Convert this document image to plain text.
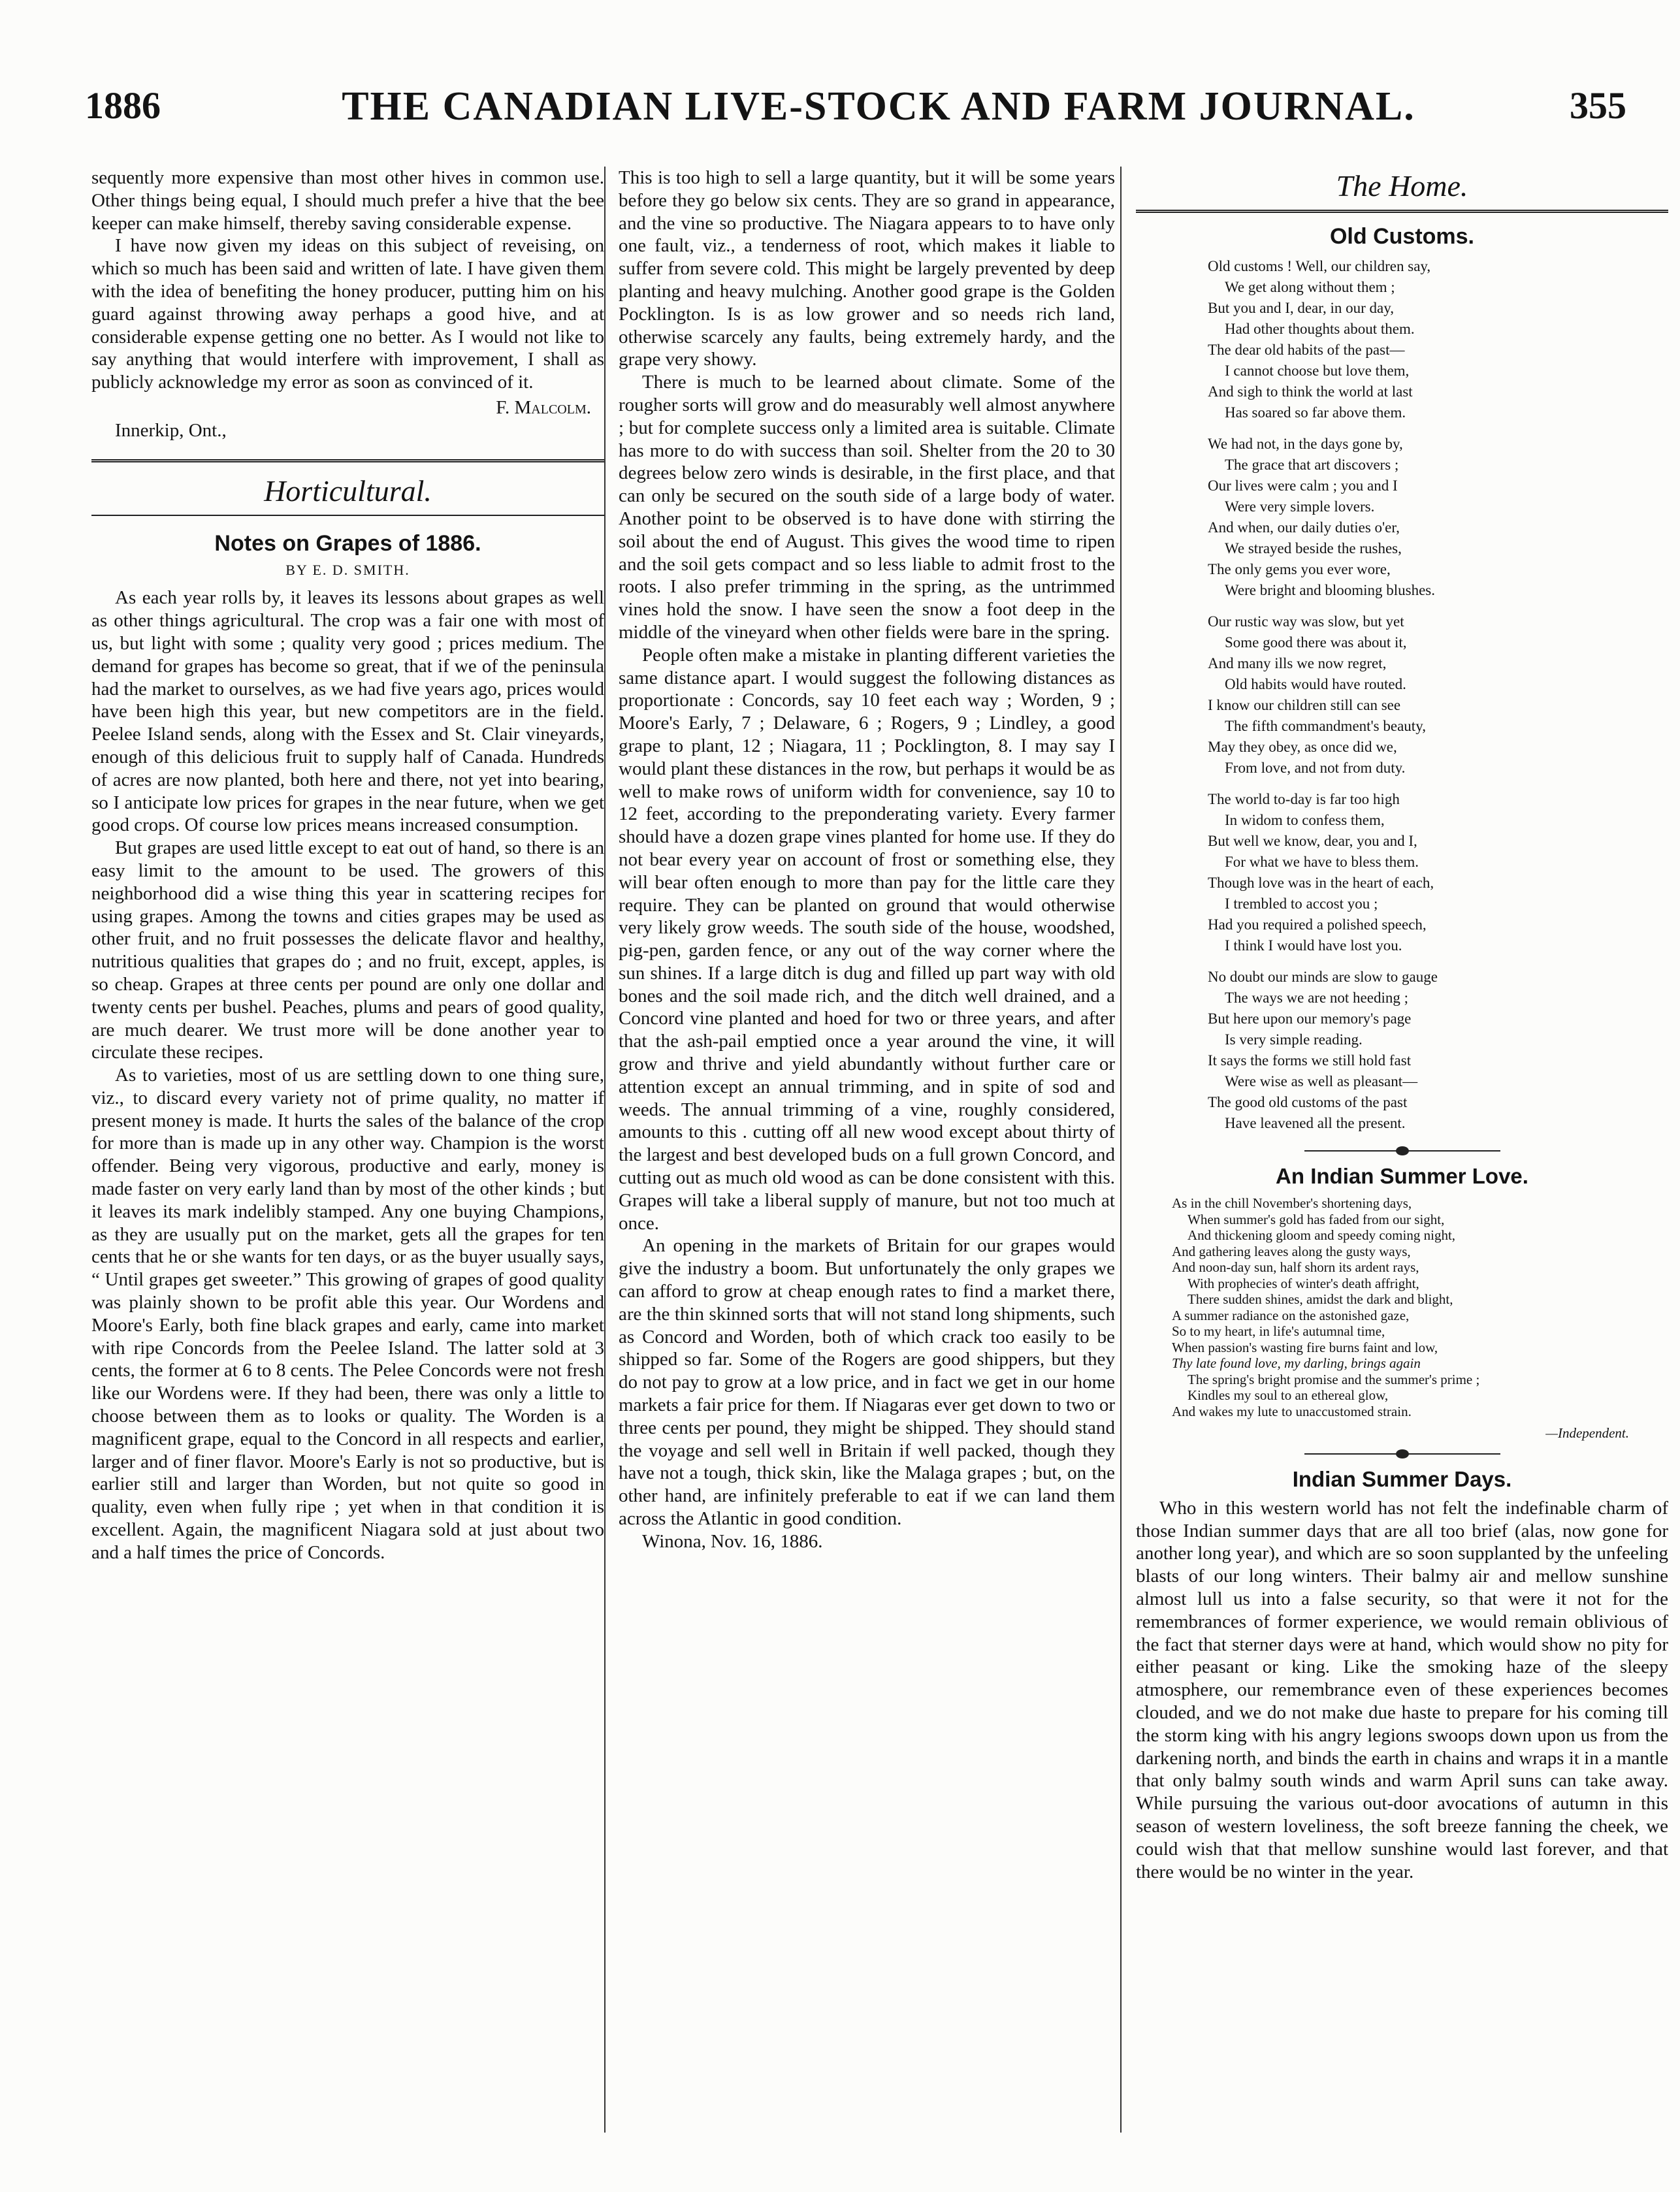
1886	THE CANADIAN LIVE-STOCK AND FARM JOURNAL.	355

sequently more expensive than most other hives in common use. Other things being equal, I should much prefer a hive that the bee keeper can make himself, thereby saving considerable expense.

I have now given my ideas on this subject of reveising, on which so much has been said and written of late. I have given them with the idea of benefiting the honey producer, putting him on his guard against throwing away perhaps a good hive, and at considerable expense getting one no better. As I would not like to say anything that would interfere with improvement, I shall as publicly acknowledge my error as soon as convinced of it.

F. Malcolm.
Innerkip, Ont.,
Horticultural.
Notes on Grapes of 1886.
BY E. D. SMITH.

As each year rolls by, it leaves its lessons about grapes as well as other things agricultural. The crop was a fair one with most of us, but light with some ; quality very good ; prices medium. The demand for grapes has become so great, that if we of the peninsula had the market to ourselves, as we had five years ago, prices would have been high this year, but new competitors are in the field. Peelee Island sends, along with the Essex and St. Clair vineyards, enough of this delicious fruit to supply half of Canada. Hundreds of acres are now planted, both here and there, not yet into bearing, so I anticipate low prices for grapes in the near future, when we get good crops. Of course low prices means increased consumption.

But grapes are used little except to eat out of hand, so there is an easy limit to the amount to be used. The growers of this neighborhood did a wise thing this year in scattering recipes for using grapes. Among the towns and cities grapes may be used as other fruit, and no fruit possesses the delicate flavor and healthy, nutritious qualities that grapes do ; and no fruit, except, apples, is so cheap. Grapes at three cents per pound are only one dollar and twenty cents per bushel. Peaches, plums and pears of good quality, are much dearer. We trust more will be done another year to circulate these recipes.

As to varieties, most of us are settling down to one thing sure, viz., to discard every variety not of prime quality, no matter if present money is made. It hurts the sales of the balance of the crop for more than is made up in any other way. Champion is the worst offender. Being very vigorous, productive and early, money is made faster on very early land than by most of the other kinds ; but it leaves its mark indelibly stamped. Any one buying Champions, as they are usually put on the market, gets all the grapes for ten cents that he or she wants for ten days, or as the buyer usually says, “ Until grapes get sweeter.” This growing of grapes of good quality was plainly shown to be profit able this year. Our Wordens and Moore's Early, both fine black grapes and early, came into market with ripe Concords from the Peelee Island. The latter sold at 3 cents, the former at 6 to 8 cents. The Pelee Concords were not fresh like our Wordens were. If they had been, there was only a little to choose between them as to looks or quality. The Worden is a magnificent grape, equal to the Concord in all respects and earlier, larger and of finer flavor. Moore's Early is not so productive, but is earlier still and larger than Worden, but not quite so good in quality, even when fully ripe ; yet when in that condition it is excellent. Again, the magnificent Niagara sold at just about two and a half times the price of Concords.

This is too high to sell a large quantity, but it will be some years before they go below six cents. They are so grand in appearance, and the vine so productive. The Niagara appears to to have only one fault, viz., a tenderness of root, which makes it liable to suffer from severe cold. This might be largely prevented by deep planting and heavy mulching. Another good grape is the Golden Pocklington. Is is as low grower and so needs rich land, otherwise scarcely any faults, being extremely hardy, and the grape very showy.

There is much to be learned about climate. Some of the rougher sorts will grow and do measurably well almost anywhere ; but for complete success only a limited area is suitable. Climate has more to do with success than soil. Shelter from the 20 to 30 degrees below zero winds is desirable, in the first place, and that can only be secured on the south side of a large body of water. Another point to be observed is to have done with stirring the soil about the end of August. This gives the wood time to ripen and the soil gets compact and so less liable to admit frost to the roots. I also prefer trimming in the spring, as the untrimmed vines hold the snow. I have seen the snow a foot deep in the middle of the vineyard when other fields were bare in the spring.

People often make a mistake in planting different varieties the same distance apart. I would suggest the following distances as proportionate : Concords, say 10 feet each way ; Worden, 9 ; Moore's Early, 7 ; Delaware, 6 ; Rogers, 9 ; Lindley, a good grape to plant, 12 ; Niagara, 11 ; Pocklington, 8. I may say I would plant these distances in the row, but perhaps it would be as well to make rows of uniform width for convenience, say 10 to 12 feet, according to the preponderating variety. Every farmer should have a dozen grape vines planted for home use. If they do not bear every year on account of frost or something else, they will bear often enough to more than pay for the little care they require. They can be planted on ground that would otherwise very likely grow weeds. The south side of the house, woodshed, pig-pen, garden fence, or any out of the way corner where the sun shines. If a large ditch is dug and filled up part way with old bones and the soil made rich, and the ditch well drained, and a Concord vine planted and hoed for two or three years, and after that the ash-pail emptied once a year around the vine, it will grow and thrive and yield abundantly without further care or attention except an annual trimming, and in spite of sod and weeds. The annual trimming of a vine, roughly considered, amounts to this . cutting off all new wood except about thirty of the largest and best developed buds on a full grown Concord, and cutting out as much old wood as can be done consistent with this. Grapes will take a liberal supply of manure, but not too much at once.

An opening in the markets of Britain for our grapes would give the industry a boom. But unfortunately the only grapes we can afford to grow at cheap enough rates to find a market there, are the thin skinned sorts that will not stand long shipments, such as Concord and Worden, both of which crack too easily to be shipped so far. Some of the Rogers are good shippers, but they do not pay to grow at a low price, and in fact we get in our home markets a fair price for them. If Niagaras ever get down to two or three cents per pound, they might be shipped. They should stand the voyage and sell well in Britain if well packed, though they have not a tough, thick skin, like the Malaga grapes ; but, on the other hand, are infinitely preferable to eat if we can land them across the Atlantic in good condition.

Winona, Nov. 16, 1886.

The Home.
Old Customs.
Old customs ! Well, our children say,
We get along without them ;
But you and I, dear, in our day,
Had other thoughts about them.
The dear old habits of the past—
I cannot choose but love them,
And sigh to think the world at last
Has soared so far above them.
We had not, in the days gone by,
The grace that art discovers ;
Our lives were calm ; you and I
Were very simple lovers.
And when, our daily duties o'er,
We strayed beside the rushes,
The only gems you ever wore,
Were bright and blooming blushes.
Our rustic way was slow, but yet
Some good there was about it,
And many ills we now regret,
Old habits would have routed.
I know our children still can see
The fifth commandment's beauty,
May they obey, as once did we,
From love, and not from duty.
The world to-day is far too high
In widom to confess them,
But well we know, dear, you and I,
For what we have to bless them.
Though love was in the heart of each,
I trembled to accost you ;
Had you required a polished speech,
I think I would have lost you.
No doubt our minds are slow to gauge
The ways we are not heeding ;
But here upon our memory's page
Is very simple reading.
It says the forms we still hold fast
Were wise as well as pleasant—
The good old customs of the past
Have leavened all the present.
An Indian Summer Love.
As in the chill November's shortening days,
When summer's gold has faded from our sight,
And thickening gloom and speedy coming night,
And gathering leaves along the gusty ways,
And noon-day sun, half shorn its ardent rays,
With prophecies of winter's death affright,
There sudden shines, amidst the dark and blight,
A summer radiance on the astonished gaze,
So to my heart, in life's autumnal time,
When passion's wasting fire burns faint and low,
Thy late found love, my darling, brings again
The spring's bright promise and the summer's prime ;
Kindles my soul to an ethereal glow,
And wakes my lute to unaccustomed strain.
—Independent.
Indian Summer Days.

Who in this western world has not felt the indefinable charm of those Indian summer days that are all too brief (alas, now gone for another long year), and which are so soon supplanted by the unfeeling blasts of our long winters. Their balmy air and mellow sunshine almost lull us into a false security, so that were it not for the remembrances of former experience, we would remain oblivious of the fact that sterner days were at hand, which would show no pity for either peasant or king. Like the smoking haze of the sleepy atmosphere, our remembrance even of these experiences becomes clouded, and we do not make due haste to prepare for his coming till the storm king with his angry legions swoops down upon us from the darkening north, and binds the earth in chains and wraps it in a mantle that only balmy south winds and warm April suns can take away. While pursuing the various out-door avocations of autumn in this season of western loveliness, the soft breeze fanning the cheek, we could wish that that mellow sunshine would last forever, and that there would be no winter in the year.
